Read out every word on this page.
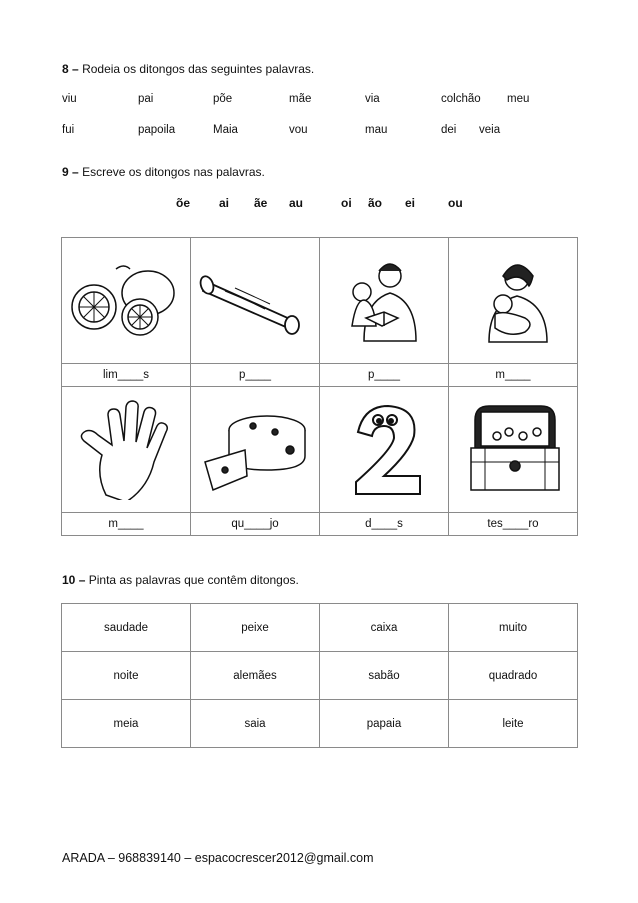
8 – Rodeia os ditongos das seguintes palavras.
viu	pai	põe	mãe	via	colchão meu
fui	papoila	Maia	vou	mau	dei veia
9 – Escreve os ditongos nas palavras.
õe ai ãe au	oi ão ei	ou

lim____s	p____	p____	m____

m____	qu____jo	d____s	tes____ro
10 – Pinta as palavras que contêm ditongos.
saudade	peixe	caixa	muito
noite	alemães	sabão	quadrado
meia	saia	papaia	leite
ARADA – 968839140 – espacocrescer2012@gmail.com
